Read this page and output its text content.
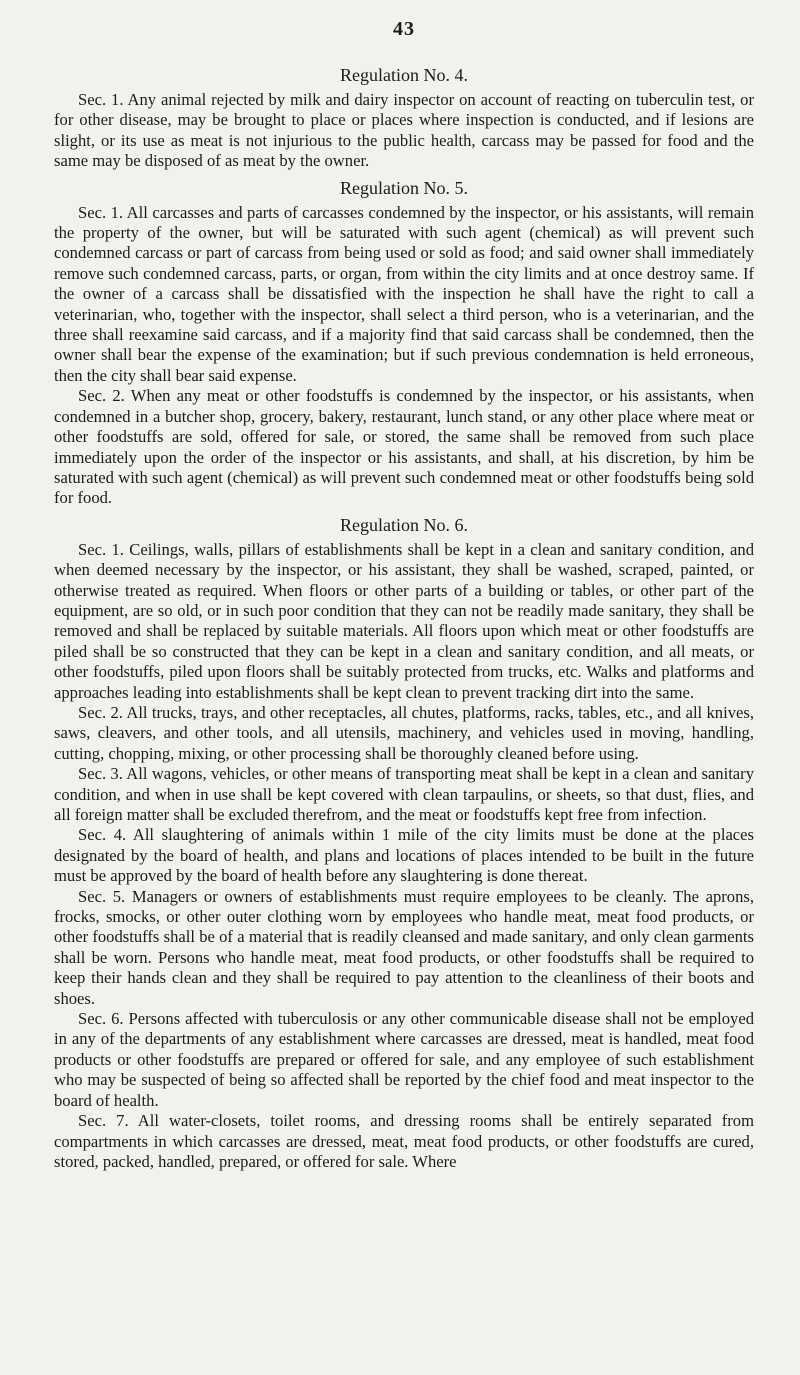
43
Regulation No. 4.

Sec. 1. Any animal rejected by milk and dairy inspector on account of reacting on tuberculin test, or for other disease, may be brought to place or places where inspection is conducted, and if lesions are slight, or its use as meat is not injurious to the public health, carcass may be passed for food and the same may be disposed of as meat by the owner.

Regulation No. 5.

Sec. 1. All carcasses and parts of carcasses condemned by the inspector, or his assistants, will remain the property of the owner, but will be saturated with such agent (chemical) as will prevent such condemned carcass or part of carcass from being used or sold as food; and said owner shall immediately remove such condemned carcass, parts, or organ, from within the city limits and at once destroy same. If the owner of a carcass shall be dissatisfied with the inspection he shall have the right to call a veterinarian, who, together with the inspector, shall select a third person, who is a veterinarian, and the three shall reexamine said carcass, and if a majority find that said carcass shall be condemned, then the owner shall bear the expense of the examination; but if such previous condemnation is held erroneous, then the city shall bear said expense.

Sec. 2. When any meat or other foodstuffs is condemned by the inspector, or his assistants, when condemned in a butcher shop, grocery, bakery, restaurant, lunch stand, or any other place where meat or other foodstuffs are sold, offered for sale, or stored, the same shall be removed from such place immediately upon the order of the inspector or his assistants, and shall, at his discretion, by him be saturated with such agent (chemical) as will prevent such condemned meat or other foodstuffs being sold for food.

Regulation No. 6.

Sec. 1. Ceilings, walls, pillars of establishments shall be kept in a clean and sanitary condition, and when deemed necessary by the inspector, or his assistant, they shall be washed, scraped, painted, or otherwise treated as required. When floors or other parts of a building or tables, or other part of the equipment, are so old, or in such poor condition that they can not be readily made sanitary, they shall be removed and shall be replaced by suitable materials. All floors upon which meat or other foodstuffs are piled shall be so constructed that they can be kept in a clean and sanitary condition, and all meats, or other foodstuffs, piled upon floors shall be suitably protected from trucks, etc. Walks and platforms and approaches leading into establishments shall be kept clean to prevent tracking dirt into the same.

Sec. 2. All trucks, trays, and other receptacles, all chutes, platforms, racks, tables, etc., and all knives, saws, cleavers, and other tools, and all utensils, machinery, and vehicles used in moving, handling, cutting, chopping, mixing, or other processing shall be thoroughly cleaned before using.

Sec. 3. All wagons, vehicles, or other means of transporting meat shall be kept in a clean and sanitary condition, and when in use shall be kept covered with clean tarpaulins, or sheets, so that dust, flies, and all foreign matter shall be excluded therefrom, and the meat or foodstuffs kept free from infection.

Sec. 4. All slaughtering of animals within 1 mile of the city limits must be done at the places designated by the board of health, and plans and locations of places intended to be built in the future must be approved by the board of health before any slaughtering is done thereat.

Sec. 5. Managers or owners of establishments must require employees to be cleanly. The aprons, frocks, smocks, or other outer clothing worn by employees who handle meat, meat food products, or other foodstuffs shall be of a material that is readily cleansed and made sanitary, and only clean garments shall be worn. Persons who handle meat, meat food products, or other foodstuffs shall be required to keep their hands clean and they shall be required to pay attention to the cleanliness of their boots and shoes.

Sec. 6. Persons affected with tuberculosis or any other communicable disease shall not be employed in any of the departments of any establishment where carcasses are dressed, meat is handled, meat food products or other foodstuffs are prepared or offered for sale, and any employee of such establishment who may be suspected of being so affected shall be reported by the chief food and meat inspector to the board of health.

Sec. 7. All water-closets, toilet rooms, and dressing rooms shall be entirely separated from compartments in which carcasses are dressed, meat, meat food products, or other foodstuffs are cured, stored, packed, handled, prepared, or offered for sale. Where
